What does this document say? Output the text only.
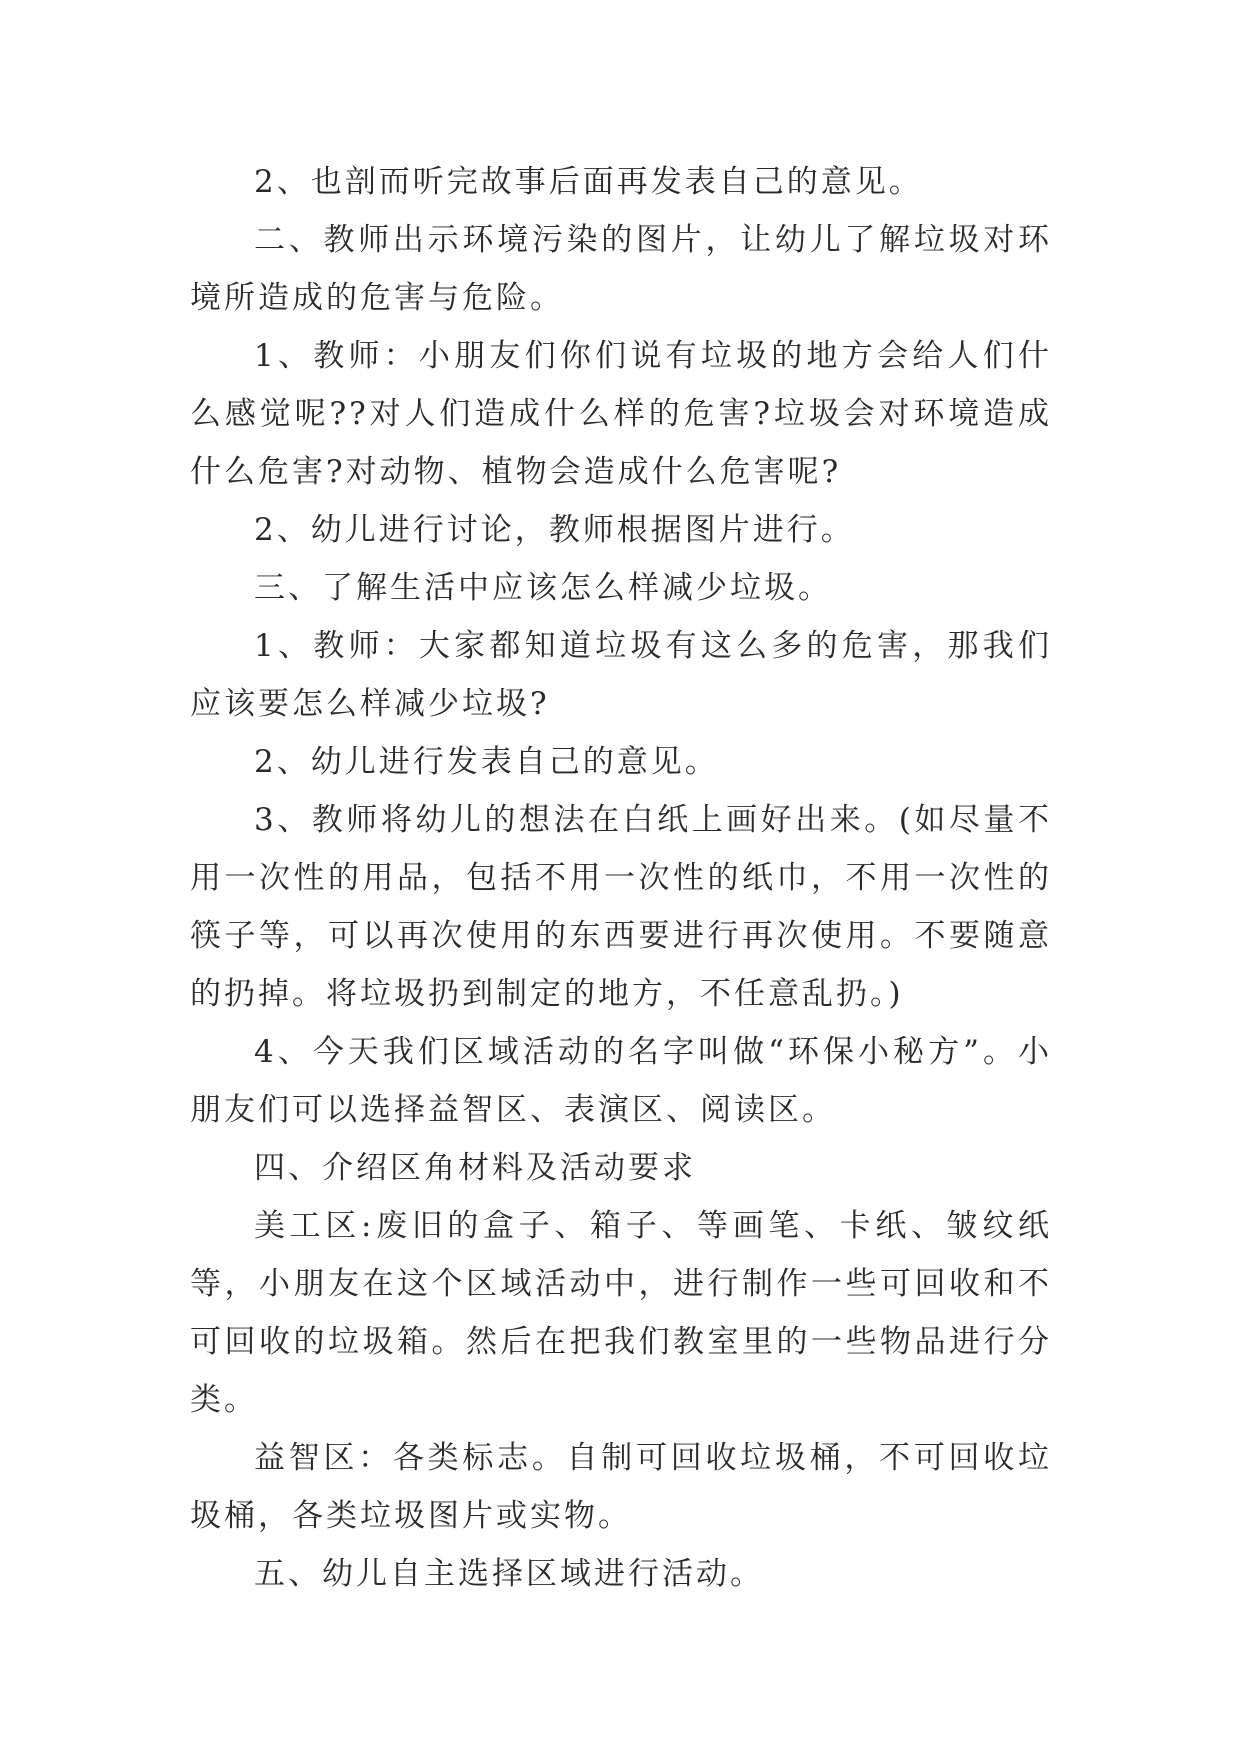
2、也剖而听完故事后面再发表自己的意见。

二、教师出示环境污染的图片，让幼儿了解垃圾对环境所造成的危害与危险。

1、教师：小朋友们你们说有垃圾的地方会给人们什么感觉呢??对人们造成什么样的危害?垃圾会对环境造成什么危害?对动物、植物会造成什么危害呢?

2、幼儿进行讨论，教师根据图片进行。

三、了解生活中应该怎么样减少垃圾。

1、教师：大家都知道垃圾有这么多的危害，那我们应该要怎么样减少垃圾?

2、幼儿进行发表自己的意见。

3、教师将幼儿的想法在白纸上画好出来。(如尽量不用一次性的用品，包括不用一次性的纸巾，不用一次性的筷子等，可以再次使用的东西要进行再次使用。不要随意的扔掉。将垃圾扔到制定的地方，不任意乱扔。)

4、今天我们区域活动的名字叫做“环保小秘方”。小朋友们可以选择益智区、表演区、阅读区。

四、介绍区角材料及活动要求

美工区:废旧的盒子、箱子、等画笔、卡纸、皱纹纸等，小朋友在这个区域活动中，进行制作一些可回收和不可回收的垃圾箱。然后在把我们教室里的一些物品进行分类。

益智区：各类标志。自制可回收垃圾桶，不可回收垃圾桶，各类垃圾图片或实物。

五、幼儿自主选择区域进行活动。
